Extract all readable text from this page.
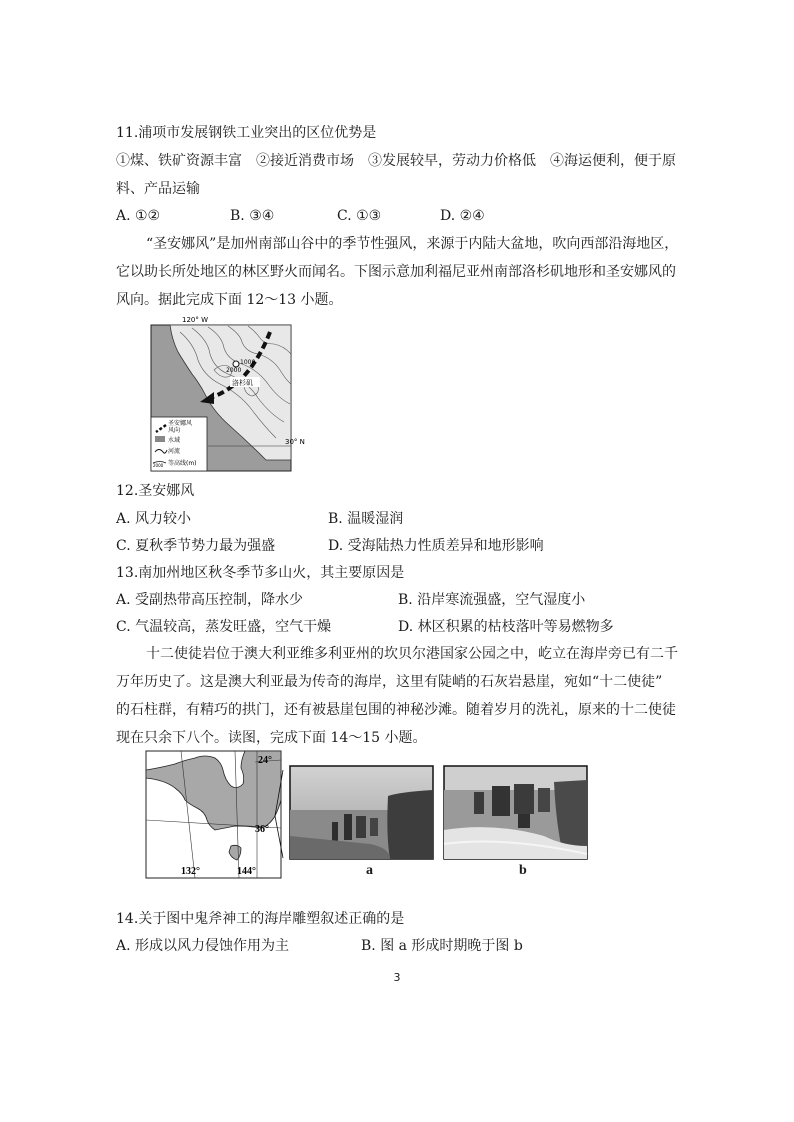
11.浦项市发展钢铁工业突出的区位优势是
①煤、铁矿资源丰富　②接近消费市场　③发展较早，劳动力价格低　④海运便利，便于原
料、产品运输
A. ①②	B. ③④	C. ①③	D. ②④
“圣安娜风”是加州南部山谷中的季节性强风，来源于内陆大盆地，吹向西部沿海地区，
它以助长所处地区的林区野火而闻名。下图示意加利福尼亚州南部洛杉矶地形和圣安娜风的
风向。据此完成下面 12～13 小题。
120° W
1000
2000
洛杉矶
30° N
圣安娜风
风向
水域
河流
2000 等高线(m)
12.圣安娜风
A. 风力较小	B. 温暖湿润
C. 夏秋季节势力最为强盛	D. 受海陆热力性质差异和地形影响
13.南加州地区秋冬季节多山火，其主要原因是
A. 受副热带高压控制，降水少	B. 沿岸寒流强盛，空气湿度小
C. 气温较高，蒸发旺盛，空气干燥	D. 林区积累的枯枝落叶等易燃物多
十二使徒岩位于澳大利亚维多利亚州的坎贝尔港国家公园之中，屹立在海岸旁已有二千
万年历史了。这是澳大利亚最为传奇的海岸，这里有陡峭的石灰岩悬崖，宛如“十二使徒”
的石柱群，有精巧的拱门，还有被悬崖包围的神秘沙滩。随着岁月的洗礼，原来的十二使徒
现在只余下八个。读图，完成下面 14～15 小题。
24°
36°
132°	144°	a	b
14.关于图中鬼斧神工的海岸雕塑叙述正确的是
A. 形成以风力侵蚀作用为主	B. 图 a 形成时期晚于图 b
3
